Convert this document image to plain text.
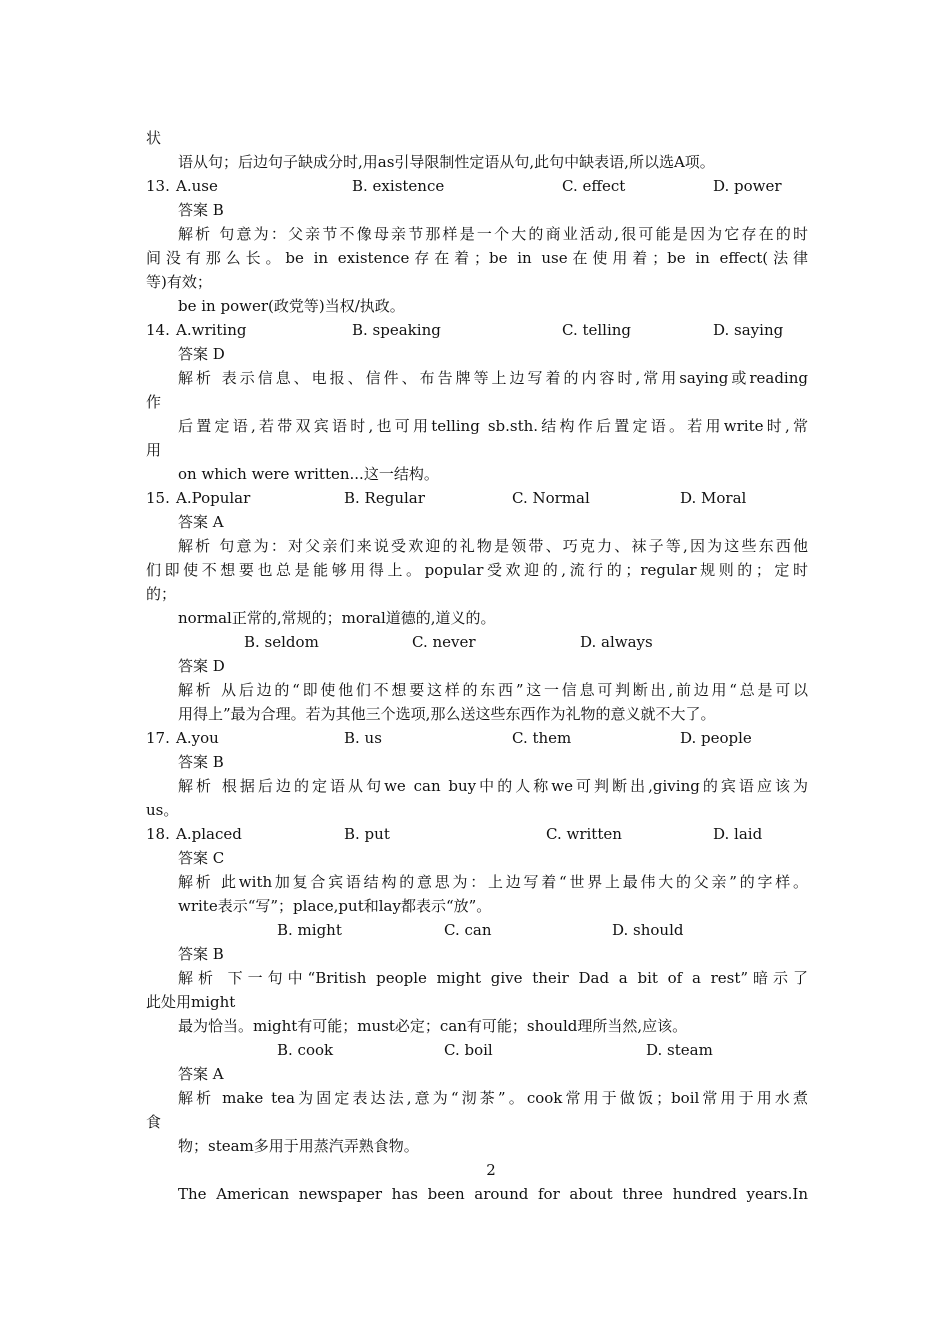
状
语从句；后边句子缺成分时,用as引导限制性定语从句,此句中缺表语,所以选A项。
13. A.use	B. existence	C. effect	D. power
答案 B
解析 句意为：父亲节不像母亲节那样是一个大的商业活动,很可能是因为它存在的时
间没有那么长。be in existence存在着；be in use在使用着；be in effect(法律
等)有效；
be in power(政党等)当权/执政。
14. A.writing	B. speaking	C. telling	D. saying
答案 D
解析 表示信息、电报、信件、布告牌等上边写着的内容时,常用saying或reading
作
后置定语,若带双宾语时,也可用telling sb.sth.结构作后置定语。若用write时,常
用
on which were written...这一结构。
15. A.Popular	B. Regular	C. Normal	D. Moral
答案 A
解析 句意为：对父亲们来说受欢迎的礼物是领带、巧克力、袜子等,因为这些东西他
们即使不想要也总是能够用得上。popular受欢迎的,流行的；regular规则的；定时
的；
normal正常的,常规的；moral道德的,道义的。
B. seldom	C. never	D. always
答案 D
解析 从后边的“即使他们不想要这样的东西”这一信息可判断出,前边用“总是可以
用得上”最为合理。若为其他三个选项,那么送这些东西作为礼物的意义就不大了。
17. A.you	B. us	C. them	D. people
答案 B
解析 根据后边的定语从句we can buy中的人称we可判断出,giving的宾语应该为
us。
18. A.placed	B. put	C. written	D. laid
答案 C
解析 此with加复合宾语结构的意思为：上边写着“世界上最伟大的父亲”的字样。
write表示“写”；place,put和lay都表示“放”。
B. might	C. can	D. should
答案 B
解析 下一句中“British people might give their Dad a bit of a rest”暗示了
此处用might
最为恰当。might有可能；must必定；can有可能；should理所当然,应该。
B. cook	C. boil	D. steam
答案 A
解析 make tea为固定表达法,意为“沏茶”。cook常用于做饭；boil常用于用水煮
食
物；steam多用于用蒸汽弄熟食物。
2
The American newspaper has been around for about three hundred years.In
